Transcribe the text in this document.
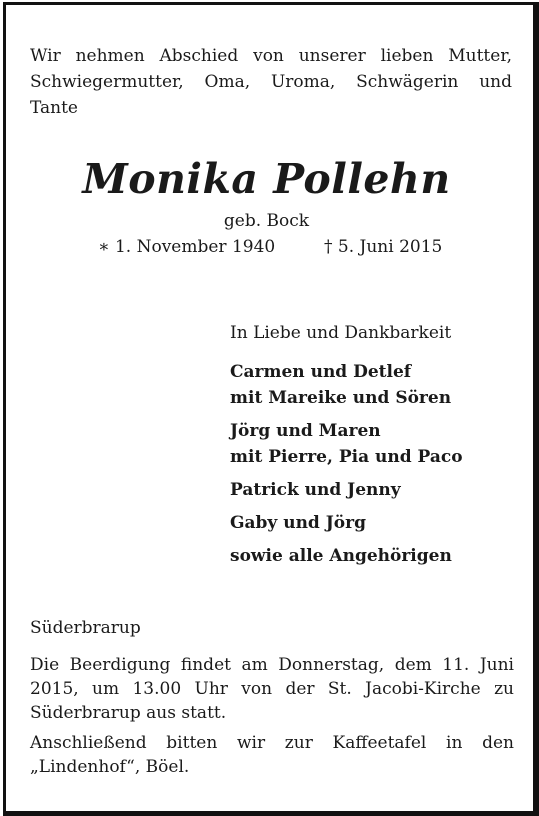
Wir nehmen Abschied von unserer lieben Mutter,
Schwiegermutter, Oma, Uroma, Schwägerin und
Tante
Monika Pollehn
geb. Bock
∗ 1. November 1940	† 5. Juni 2015
In Liebe und Dankbarkeit
Carmen und Detlef
mit Mareike und Sören
Jörg und Maren
mit Pierre, Pia und Paco
Patrick und Jenny
Gaby und Jörg
sowie alle Angehörigen
Süderbrarup
Die Beerdigung findet am Donnerstag, dem 11. Juni
2015, um 13.00 Uhr von der St. Jacobi-Kirche zu
Süderbrarup aus statt.
Anschließend bitten wir zur Kaffeetafel in den
„Lindenhof“, Böel.
